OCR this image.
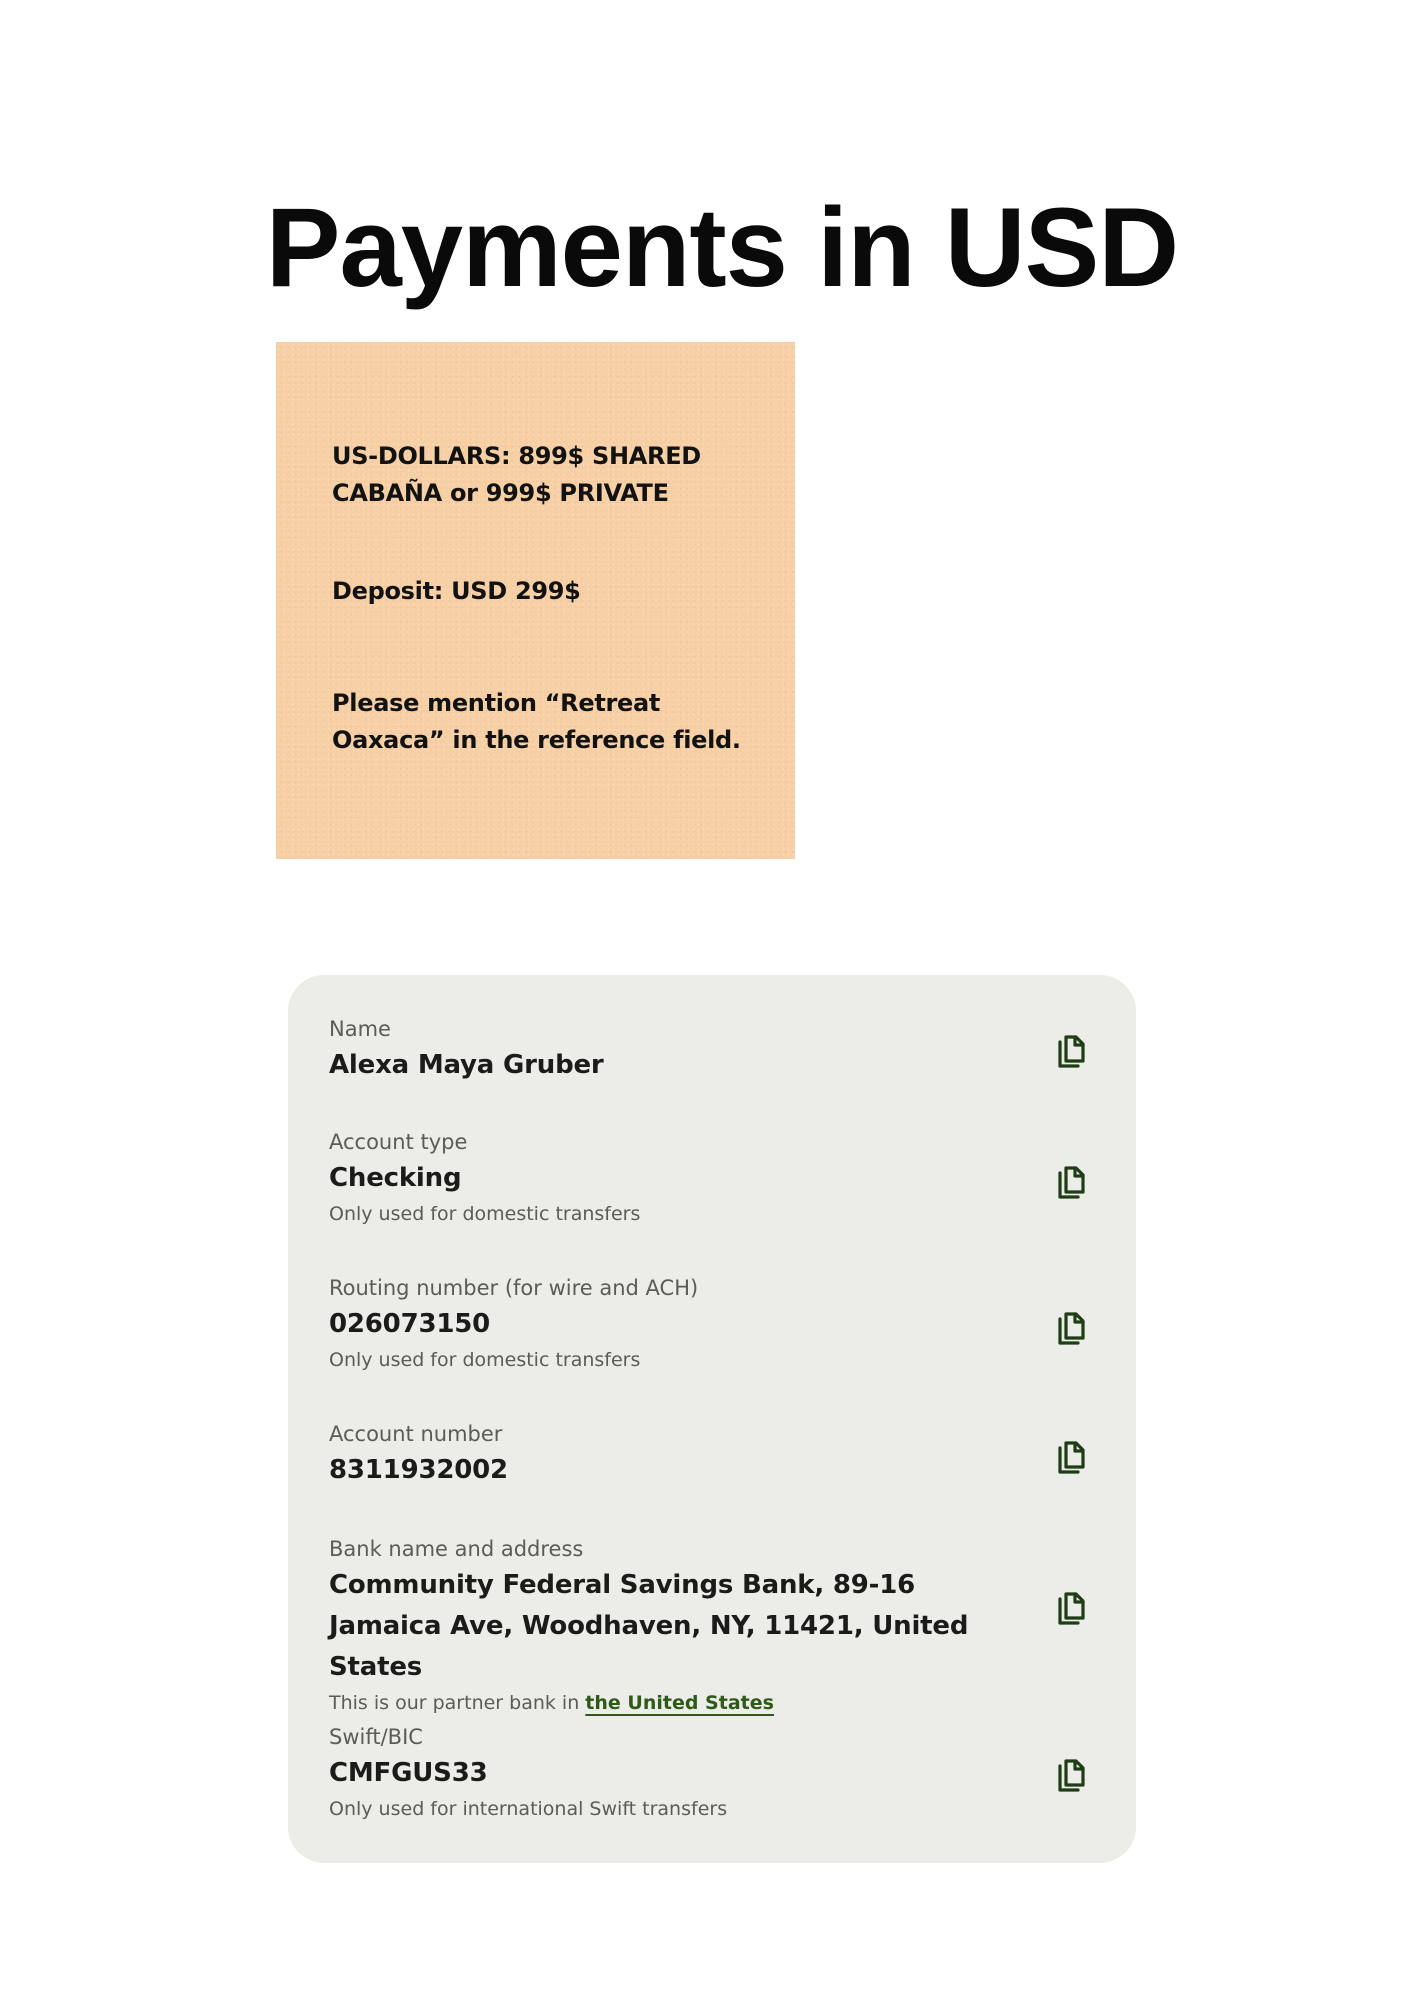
Payments in USD

US-DOLLARS: 899$ SHARED CABAÑA or 999$ PRIVATE

Deposit: USD 299$

Please mention “Retreat Oaxaca” in the reference field.

Name
Alexa Maya Gruber
Account type
Checking
Only used for domestic transfers
Routing number (for wire and ACH)
026073150
Only used for domestic transfers
Account number
8311932002
Bank name and address
Community Federal Savings Bank, 89-16 Jamaica Ave, Woodhaven, NY, 11421, United States
This is our partner bank in the United States
Swift/BIC
CMFGUS33
Only used for international Swift transfers
